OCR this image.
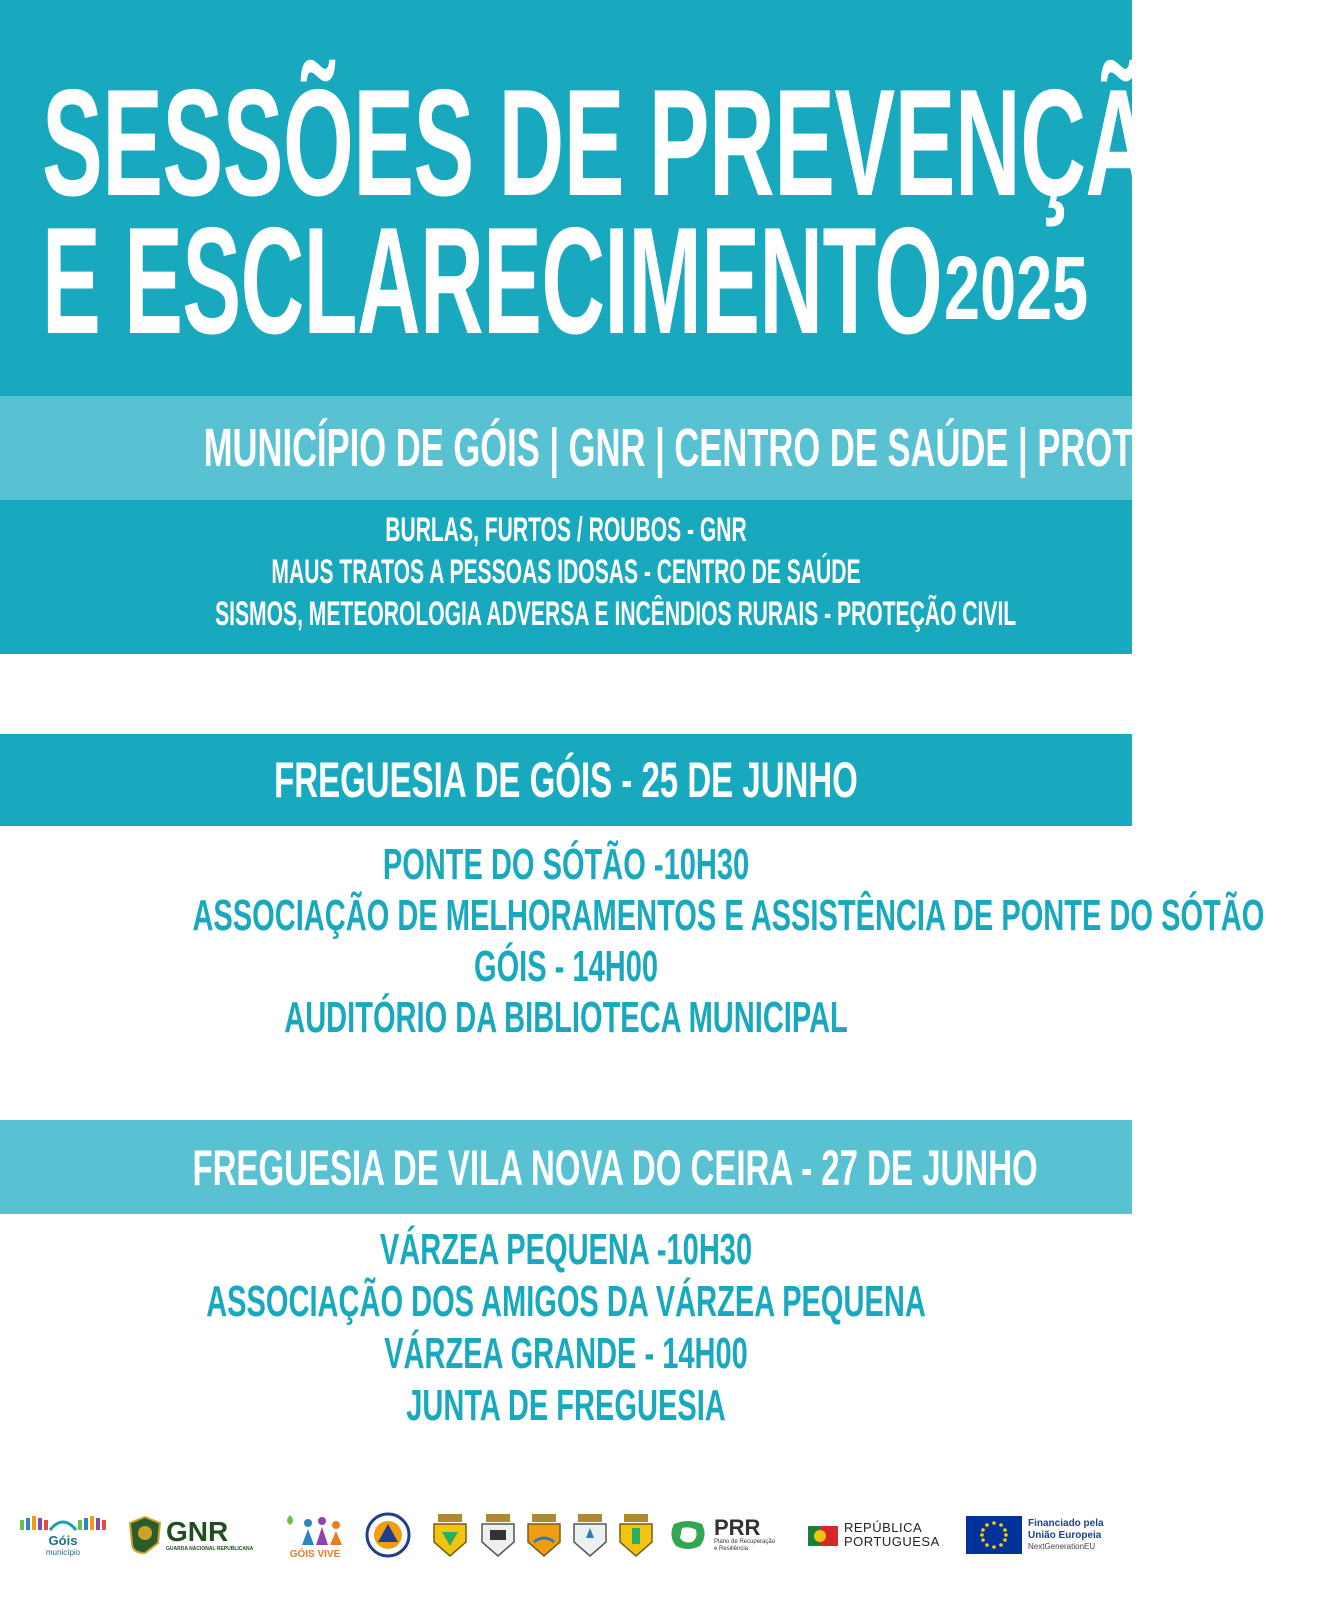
SESSÕES DE PREVENÇÃO
E ESCLARECIMENTO 2025
MUNICÍPIO DE GÓIS | GNR | CENTRO DE SAÚDE | PROTEÇÃO CIVIL
BURLAS, FURTOS / ROUBOS - GNR
MAUS TRATOS A PESSOAS IDOSAS - CENTRO DE SAÚDE
SISMOS, METEOROLOGIA ADVERSA E INCÊNDIOS RURAIS - PROTEÇÃO CIVIL
FREGUESIA DE GÓIS - 25 DE JUNHO
PONTE DO SÓTÃO -10H30
ASSOCIAÇÃO DE MELHORAMENTOS E ASSISTÊNCIA DE PONTE DO SÓTÃO
GÓIS - 14H00
AUDITÓRIO DA BIBLIOTECA MUNICIPAL
FREGUESIA DE VILA NOVA DO CEIRA - 27 DE JUNHO
VÁRZEA PEQUENA -10H30
ASSOCIAÇÃO DOS AMIGOS DA VÁRZEA PEQUENA
VÁRZEA GRANDE - 14H00
JUNTA DE FREGUESIA
Góis
município
GNR
GUARDA NACIONAL REPUBLICANA	GÓIS VIVE
PRR
Plano de Recuperação
e Resiliência
REPÚBLICA
PORTUGUESA
Financiado pela
União Europeia
NextGenerationEU
